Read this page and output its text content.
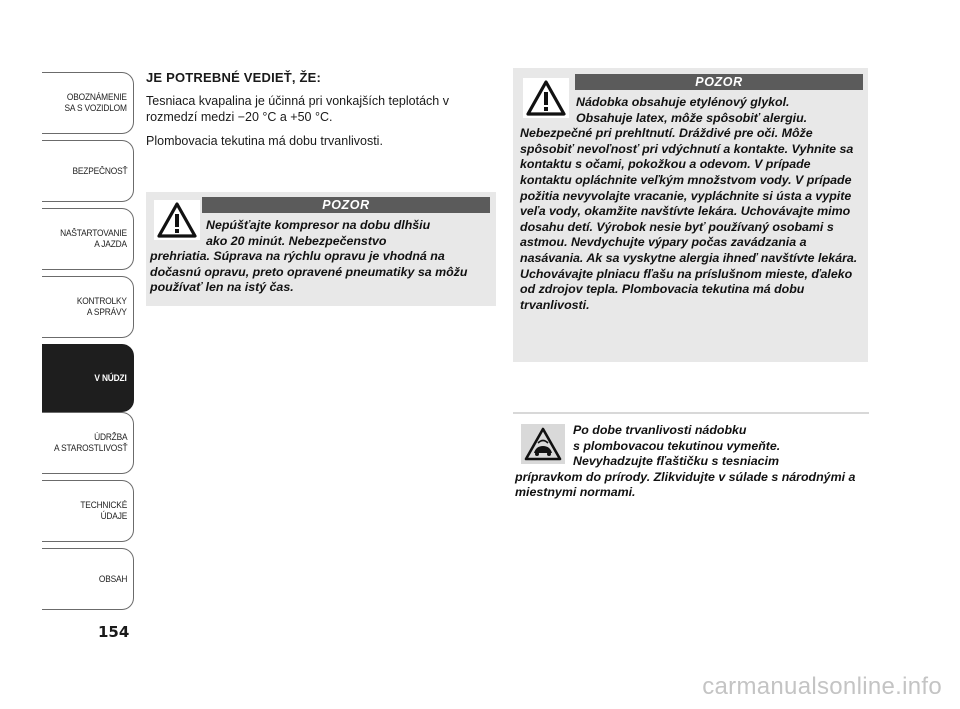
OBOZNÁMENIE
SA S VOZIDLOM
BEZPEČNOSŤ
NAŠTARTOVANIE
A JAZDA
KONTROLKY
A SPRÁVY
V NÚDZI
ÚDRŽBA
A STAROSTLIVOSŤ
TECHNICKÉ
ÚDAJE
OBSAH
154
JE POTREBNÉ VEDIEŤ, ŽE:

Tesniaca kvapalina je účinná pri vonkajších teplotách v rozmedzí medzi −20 °C a +50 °C.

Plombovacia tekutina má dobu trvanlivosti.

POZOR
Nepúšťajte kompresor na dobu dlhšiu
ako 20 minút. Nebezpečenstvo
prehriatia. Súprava na rýchlu opravu je vhodná na dočasnú opravu, preto opravené pneumatiky sa môžu používať len na istý čas.
POZOR
Nádobka obsahuje etylénový glykol.
Obsahuje latex, môže spôsobiť alergiu.
Nebezpečné pri prehltnutí. Dráždivé pre oči. Môže spôsobiť nevoľnosť pri vdýchnutí a kontakte. Vyhnite sa kontaktu s očami, pokožkou a odevom. V prípade kontaktu opláchnite veľkým množstvom vody. V prípade požitia nevyvolajte vracanie, vypláchnite si ústa a vypite veľa vody, okamžite navštívte lekára. Uchovávajte mimo dosahu detí. Výrobok nesie byť používaný osobami s astmou. Nevdychujte výpary počas zavádzania a nasávania. Ak sa vyskytne alergia ihneď navštívte lekára. Uchovávajte plniacu fľašu na príslušnom mieste, ďaleko od zdrojov tepla. Plombovacia tekutina má dobu trvanlivosti.
Po dobe trvanlivosti nádobku
s plombovacou tekutinou vymeňte.
Nevyhadzujte fľaštičku s tesniacim
prípravkom do prírody. Zlikvidujte v súlade s národnými a miestnymi normami.
carmanualsonline.info
